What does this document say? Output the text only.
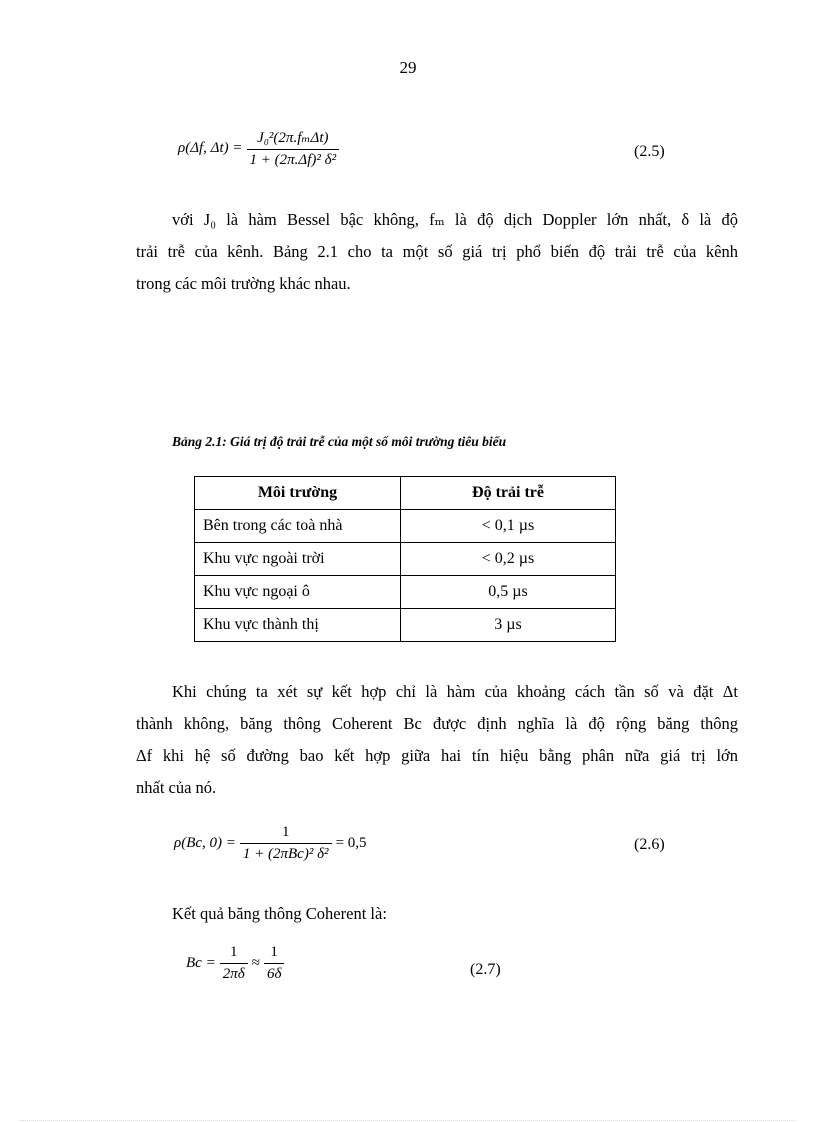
29
ρ(Δf, $\Delta t) = \frac{\text{J₀²(2π.fₘΔt)}}{\text{1 + (2π.Δf)² δ²}}$	(2.5)
với J₀ là hàm Bessel bậc không, fₘ là độ dịch Doppler lớn nhất, δ là độ
trải trễ của kênh. Bảng 2.1 cho ta một số giá trị phổ biến độ trải trễ của kênh
trong các môi trường khác nhau.
Bảng 2.1: Giá trị độ trải trễ của một số môi trường tiêu biểu
Môi trường	Độ trải trễ
Bên trong các toà nhà	< 0,1 µs
Khu vực ngoài trời	< 0,2 µs
Khu vực ngoại ô	0,5 µs
Khu vực thành thị	3 µs
Khi chúng ta xét sự kết hợp chỉ là hàm của khoảng cách tần số và đặt Δt
thành không, băng thông Coherent Bc được định nghĩa là độ rộng băng thông
Δf khi hệ số đường bao kết hợp giữa hai tín hiệu bằng phân nữa giá trị lớn
nhất của nó.
ρ(Bc, $0) = \frac{1}{\text{1 + (2πBc)² δ²}} = 0,5$	(2.6)
Kết quả băng thông Coherent là:
$Bc = \frac{1}{2\pi\delta} \approx \frac{1}{6\delta}$	(2.7)
